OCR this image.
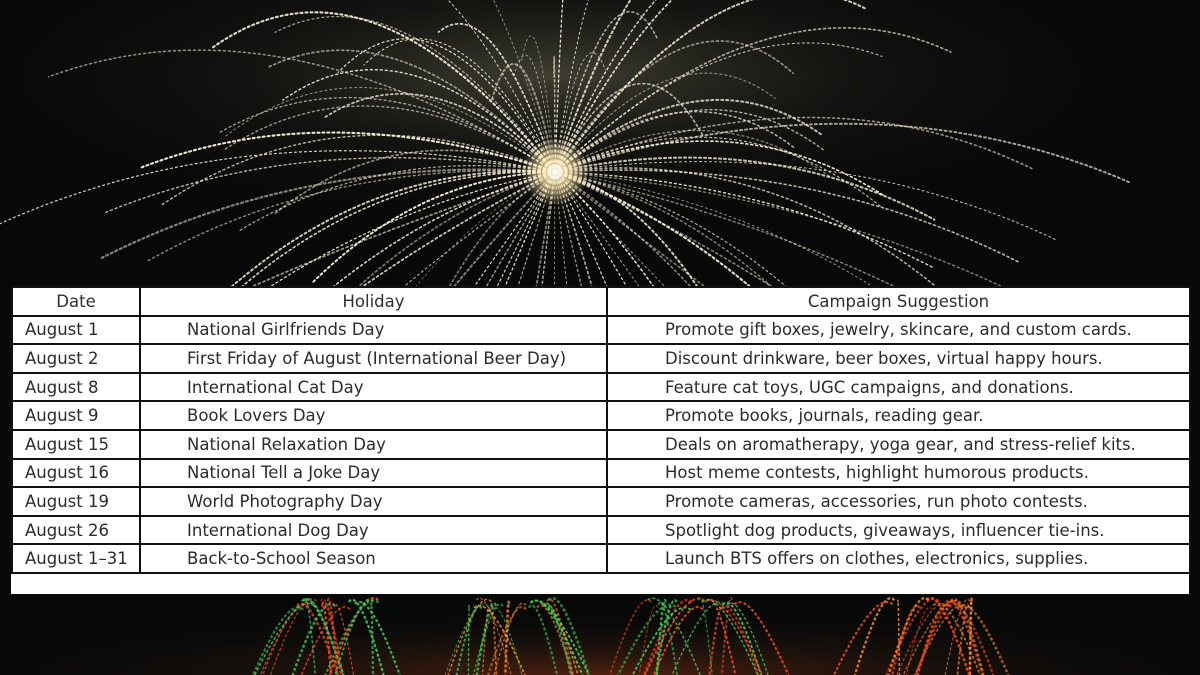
Date	Holiday	Campaign Suggestion
August 1	National Girlfriends Day	Promote gift boxes, jewelry, skincare, and custom cards.
August 2	First Friday of August (International Beer Day)	Discount drinkware, beer boxes, virtual happy hours.
August 8	International Cat Day	Feature cat toys, UGC campaigns, and donations.
August 9	Book Lovers Day	Promote books, journals, reading gear.
August 15	National Relaxation Day	Deals on aromatherapy, yoga gear, and stress-relief kits.
August 16	National Tell a Joke Day	Host meme contests, highlight humorous products.
August 19	World Photography Day	Promote cameras, accessories, run photo contests.
August 26	International Dog Day	Spotlight dog products, giveaways, influencer tie-ins.
August 1–31	Back-to-School Season	Launch BTS offers on clothes, electronics, supplies.
